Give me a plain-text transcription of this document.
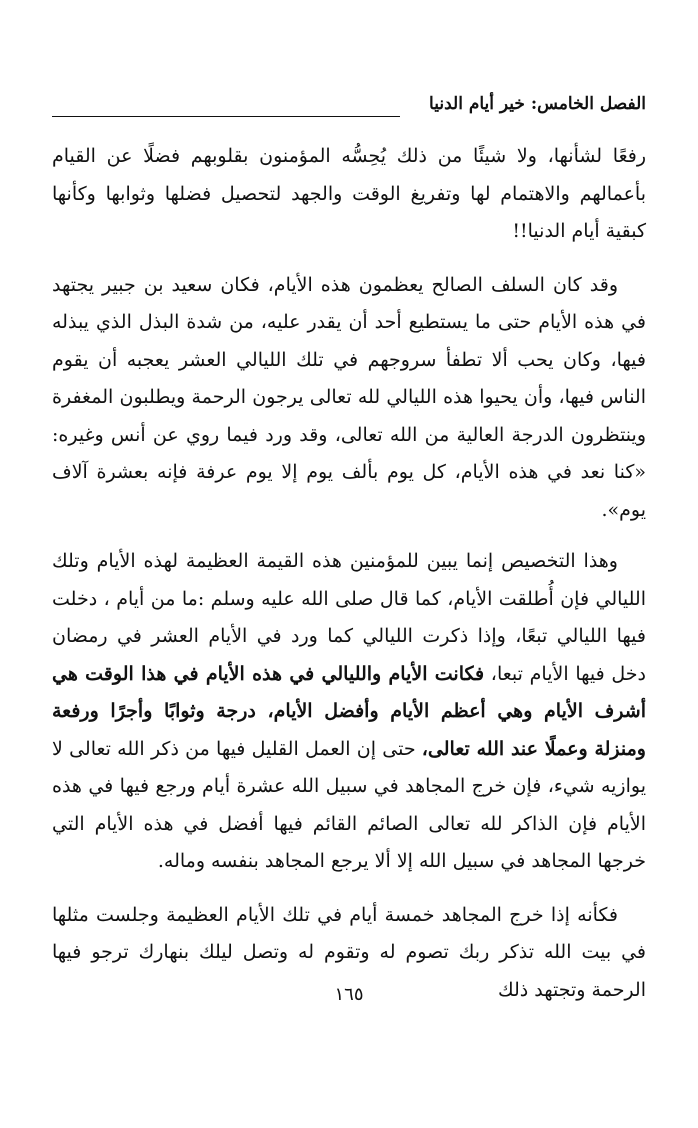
الفصل الخامس: خير أيام الدنيا

رفعًا لشأنها، ولا شيئًا من ذلك يُحِسُّه المؤمنون بقلوبهم فضلًا عن القيام بأعمالهم والاهتمام لها وتفريغ الوقت والجهد لتحصيل فضلها وثوابها وكأنها كبقية أيام الدنيا!!

وقد كان السلف الصالح يعظمون هذه الأيام، فكان سعيد بن جبير يجتهد في هذه الأيام حتى ما يستطيع أحد أن يقدر عليه، من شدة البذل الذي يبذله فيها، وكان يحب ألا تطفأ سروجهم في تلك الليالي العشر يعجبه أن يقوم الناس فيها، وأن يحيوا هذه الليالي لله تعالى يرجون الرحمة ويطلبون المغفرة وينتظرون الدرجة العالية من الله تعالى، وقد ورد فيما روي عن أنس وغيره: «كنا نعد في هذه الأيام، كل يوم بألف يوم إلا يوم عرفة فإنه بعشرة آلاف يوم».

وهذا التخصيص إنما يبين للمؤمنين هذه القيمة العظيمة لهذه الأيام وتلك الليالي فإن أُطلقت الأيام، كما قال صلى الله عليه وسلم :ما من أيام ، دخلت فيها الليالي تبعًا، وإذا ذكرت الليالي كما ورد في الأيام العشر في رمضان دخل فيها الأيام تبعا، فكانت الأيام والليالي في هذه الأيام في هذا الوقت هي أشرف الأيام وهي أعظم الأيام وأفضل الأيام، درجة وثوابًا وأجرًا ورفعة ومنزلة وعملًا عند الله تعالى، حتى إن العمل القليل فيها من ذكر الله تعالى لا يوازيه شيء، فإن خرج المجاهد في سبيل الله عشرة أيام ورجع فيها في هذه الأيام فإن الذاكر لله تعالى الصائم القائم فيها أفضل في هذه الأيام التي خرجها المجاهد في سبيل الله إلا ألا يرجع المجاهد بنفسه وماله.

فكأنه إذا خرج المجاهد خمسة أيام في تلك الأيام العظيمة وجلست مثلها في بيت الله تذكر ربك تصوم له وتقوم له وتصل ليلك بنهارك ترجو فيها الرحمة وتجتهد ذلك

١٦٥
